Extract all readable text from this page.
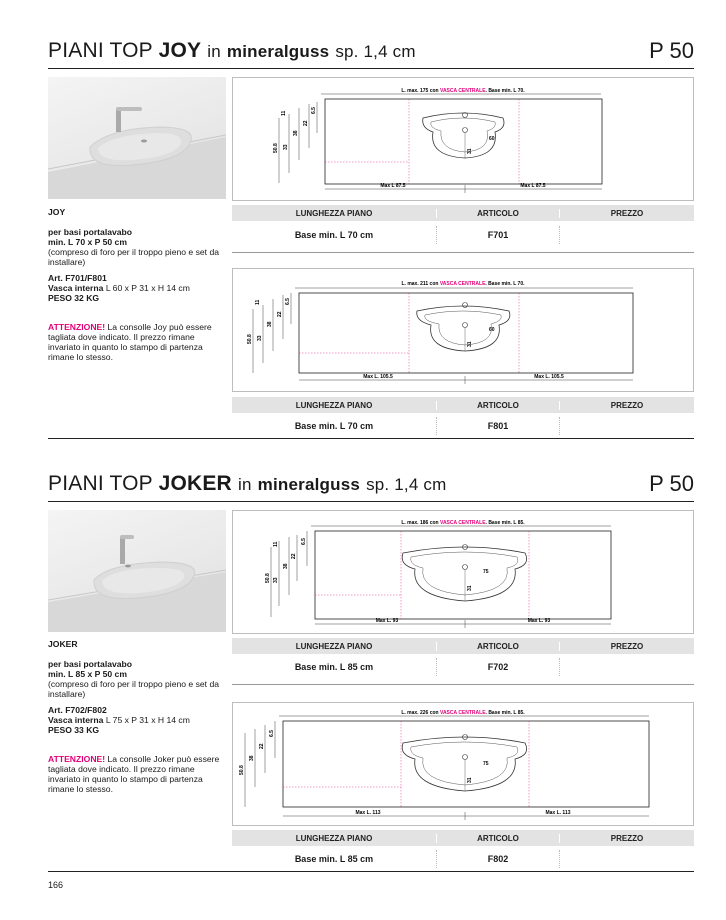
PIANI TOP JOY in mineralguss sp. 1,4 cm	P 50
L. max. 175 con VASCA CENTRALE. Base min. L 70.
60
31
Max L 87.5	Max L 87.5
50.8 33
38
22
11	6.5
JOY
per basi portalavabo
min. L 70 x P 50 cm
(compreso di foro per il troppo pieno e set da installare)
Art. F701/F801
Vasca interna L 60 x P 31 x H 14 cm
PESO 32 KG
ATTENZIONE! La consolle Joy può essere tagliata dove indicato. Il prezzo rimane invariato in quanto lo stampo di partenza rimane lo stesso.
LUNGHEZZA PIANO	ARTICOLO	PREZZO
Base min. L 70 cm	F701
L. max. 211 con VASCA CENTRALE. Base min. L 70.
60
31
Max L. 105.5	Max L. 105.5
50.8 33
38
22
11	6.5
LUNGHEZZA PIANO	ARTICOLO	PREZZO
Base min. L 70 cm	F801
PIANI TOP JOKER in mineralguss sp. 1,4 cm	P 50
L. max. 186 con VASCA CENTRALE. Base min. L 85.
75
31
Max L. 93	Max L. 93
50.8 33
38
22
11	6.5
JOKER
per basi portalavabo
min. L 85 x P 50 cm
(compreso di foro per il troppo pieno e set da installare)
Art. F702/F802
Vasca interna L 75 x P 31 x H 14 cm
PESO 33 KG
ATTENZIONE! La consolle Joker può essere tagliata dove indicato. Il prezzo rimane invariato in quanto lo stampo di partenza rimane lo stesso.
LUNGHEZZA PIANO	ARTICOLO	PREZZO
Base min. L 85 cm	F702
L. max. 226 con VASCA CENTRALE. Base min. L 85.
75
31
Max L. 113	Max L. 113
50.8
38
22
6.5
LUNGHEZZA PIANO	ARTICOLO	PREZZO
Base min. L 85 cm	F802
166
